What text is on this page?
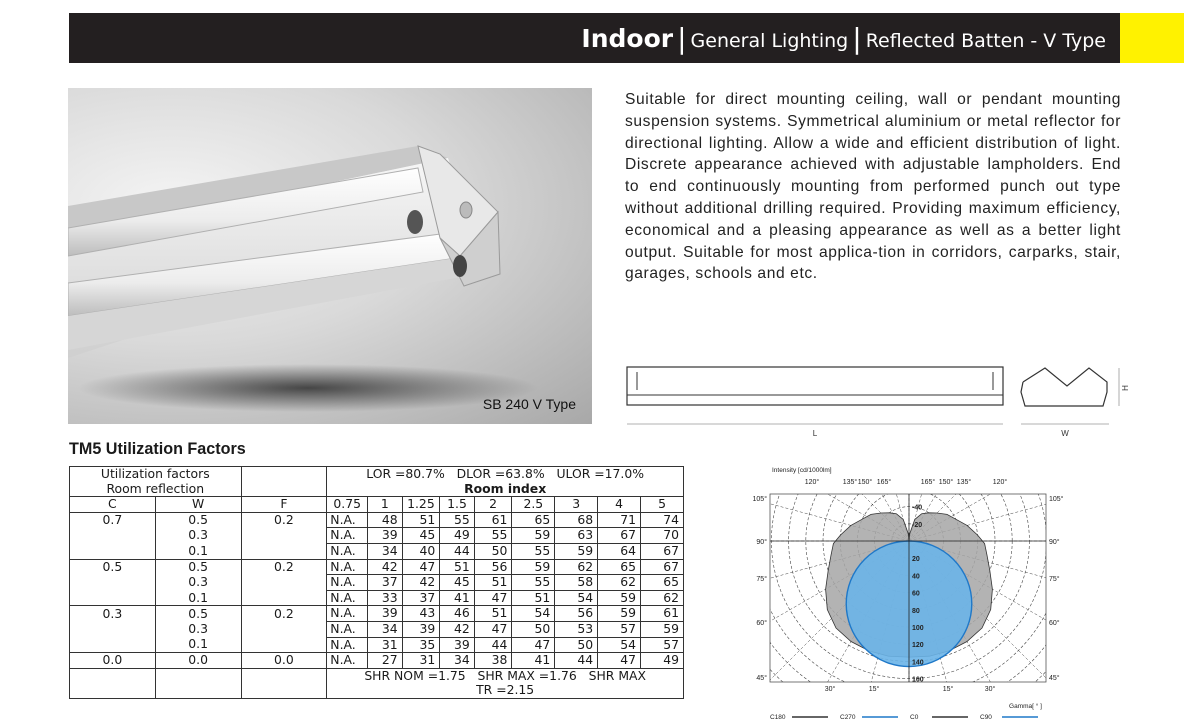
Indoor | General Lighting | Reflected Batten - V Type
SB 240 V Type
Suitable for direct mounting ceiling, wall or pendant mounting suspension systems. Symmetrical aluminium or metal reflector for directional lighting. Allow a wide and efficient distribution of light. Discrete appearance achieved with adjustable lampholders. End to end continuously mounting from performed punch out type without additional drilling required. Providing maximum efficiency, economical and a pleasing appearance as well as a better light output. Suitable for most applica-tion in corridors, carparks, stair, garages, schools and etc.
L	W
H
TM5 Utilization Factors
Utilization factors			LOR =80.7%   DLOR =63.8%   ULOR =17.0%								
Room reflection			Room index								
C	W	F	0.75	1	1.25	1.5	2	2.5	3	4	5
0.7	0.5	0.2	N.A.	48	51	55	61	65	68	71	74
	0.3		N.A.	39	45	49	55	59	63	67	70
	0.1		N.A.	34	40	44	50	55	59	64	67
0.5	0.5	0.2	N.A.	42	47	51	56	59	62	65	67
	0.3		N.A.	37	42	45	51	55	58	62	65
	0.1		N.A.	33	37	41	47	51	54	59	62
0.3	0.5	0.2	N.A.	39	43	46	51	54	56	59	61
	0.3		N.A.	34	39	42	47	50	53	57	59
	0.1		N.A.	31	35	39	44	47	50	54	57
0.0	0.0	0.0	N.A.	27	31	34	38	41	44	47	49
			SHR NOM =1.75   SHR MAX =1.76   SHR MAX								
			TR =2.15								
-40
-20
20
40
60
80
100
120
140
160
Intensity [cd/1000lm]
120°	135° 150° 165°	165° 150° 135°	120°
105°	105°
90°	90°
75°	75°
60°	60°
45°	45°
30°	15°	15°	30°
Gamma[ ° ]
C180	C270	C0	C90
